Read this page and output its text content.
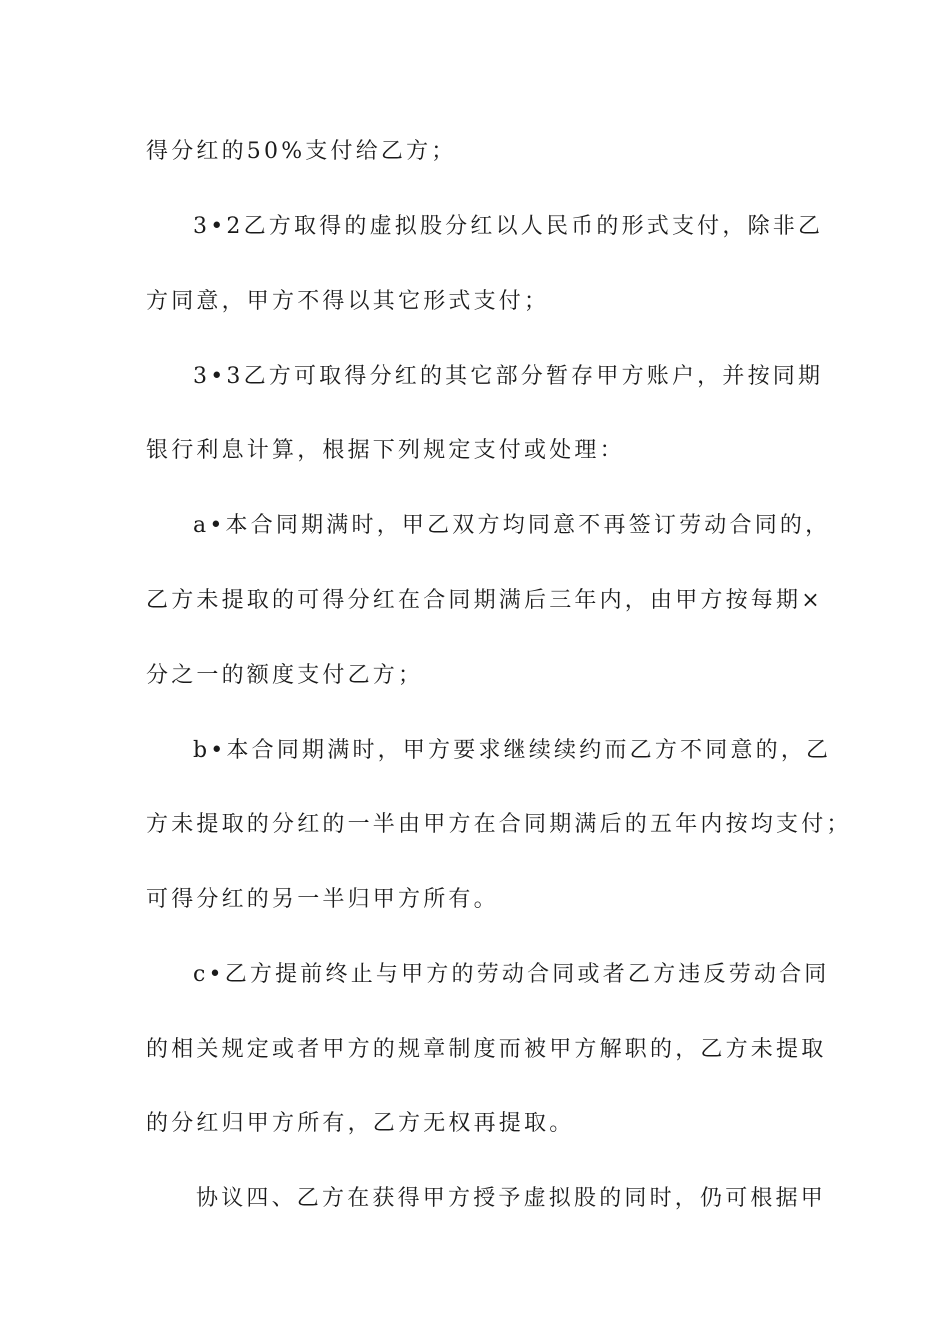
得分红的50%支付给乙方；
3•2乙方取得的虚拟股分红以人民币的形式支付，除非乙
方同意，甲方不得以其它形式支付；
3•3乙方可取得分红的其它部分暂存甲方账户，并按同期
银行利息计算，根据下列规定支付或处理：
a•本合同期满时，甲乙双方均同意不再签订劳动合同的，
乙方未提取的可得分红在合同期满后三年内，由甲方按每期×
分之一的额度支付乙方；
b•本合同期满时，甲方要求继续续约而乙方不同意的，乙
方未提取的分红的一半由甲方在合同期满后的五年内按均支付；
可得分红的另一半归甲方所有。
c•乙方提前终止与甲方的劳动合同或者乙方违反劳动合同
的相关规定或者甲方的规章制度而被甲方解职的，乙方未提取
的分红归甲方所有，乙方无权再提取。
协议四、乙方在获得甲方授予虚拟股的同时，仍可根据甲
